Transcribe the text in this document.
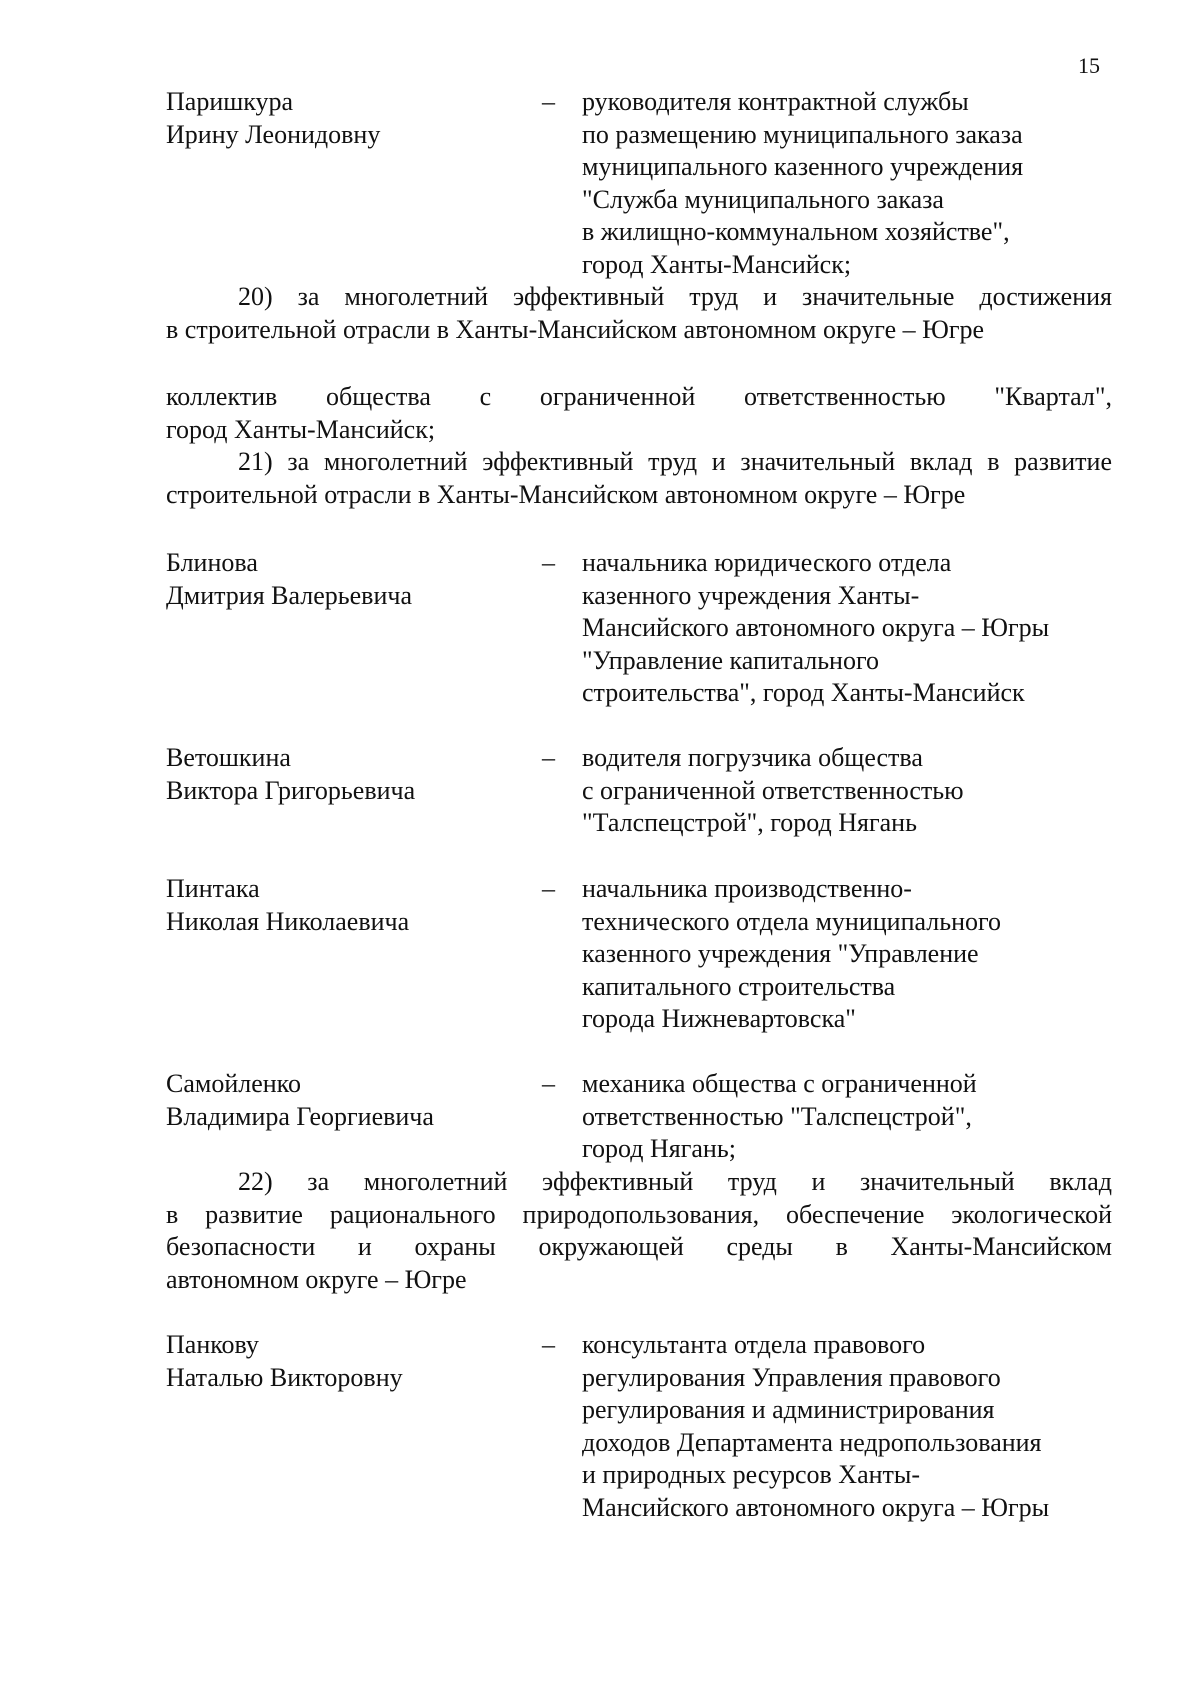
15
Паришкура
Ирину Леонидовну
– руководителя контрактной службы
по размещению муниципального заказа
муниципального казенного учреждения
"Служба муниципального заказа
в жилищно-коммунальном хозяйстве",
город Ханты-Мансийск;
20) за многолетний эффективный труд и значительные достижения
в строительной отрасли в Ханты-Мансийском автономном округе – Югре
коллектив общества с ограниченной ответственностью "Квартал",
город Ханты-Мансийск;
21) за многолетний эффективный труд и значительный вклад в развитие
строительной отрасли в Ханты-Мансийском автономном округе – Югре
Блинова
Дмитрия Валерьевича
– начальника юридического отдела
казенного учреждения Ханты-
Мансийского автономного округа – Югры
"Управление капитального
строительства", город Ханты-Мансийск
Ветошкина
Виктора Григорьевича
– водителя погрузчика общества
с ограниченной ответственностью
"Талспецстрой", город Нягань
Пинтака
Николая Николаевича
– начальника производственно-
технического отдела муниципального
казенного учреждения "Управление
капитального строительства
города Нижневартовска"
Самойленко
Владимира Георгиевича
– механика общества с ограниченной
ответственностью "Талспецстрой",
город Нягань;
22) за многолетний эффективный труд и значительный вклад
в развитие рационального природопользования, обеспечение экологической
безопасности и охраны окружающей среды в Ханты-Мансийском
автономном округе – Югре
Панкову
Наталью Викторовну
– консультанта отдела правового
регулирования Управления правового
регулирования и администрирования
доходов Департамента недропользования
и природных ресурсов Ханты-
Мансийского автономного округа – Югры
